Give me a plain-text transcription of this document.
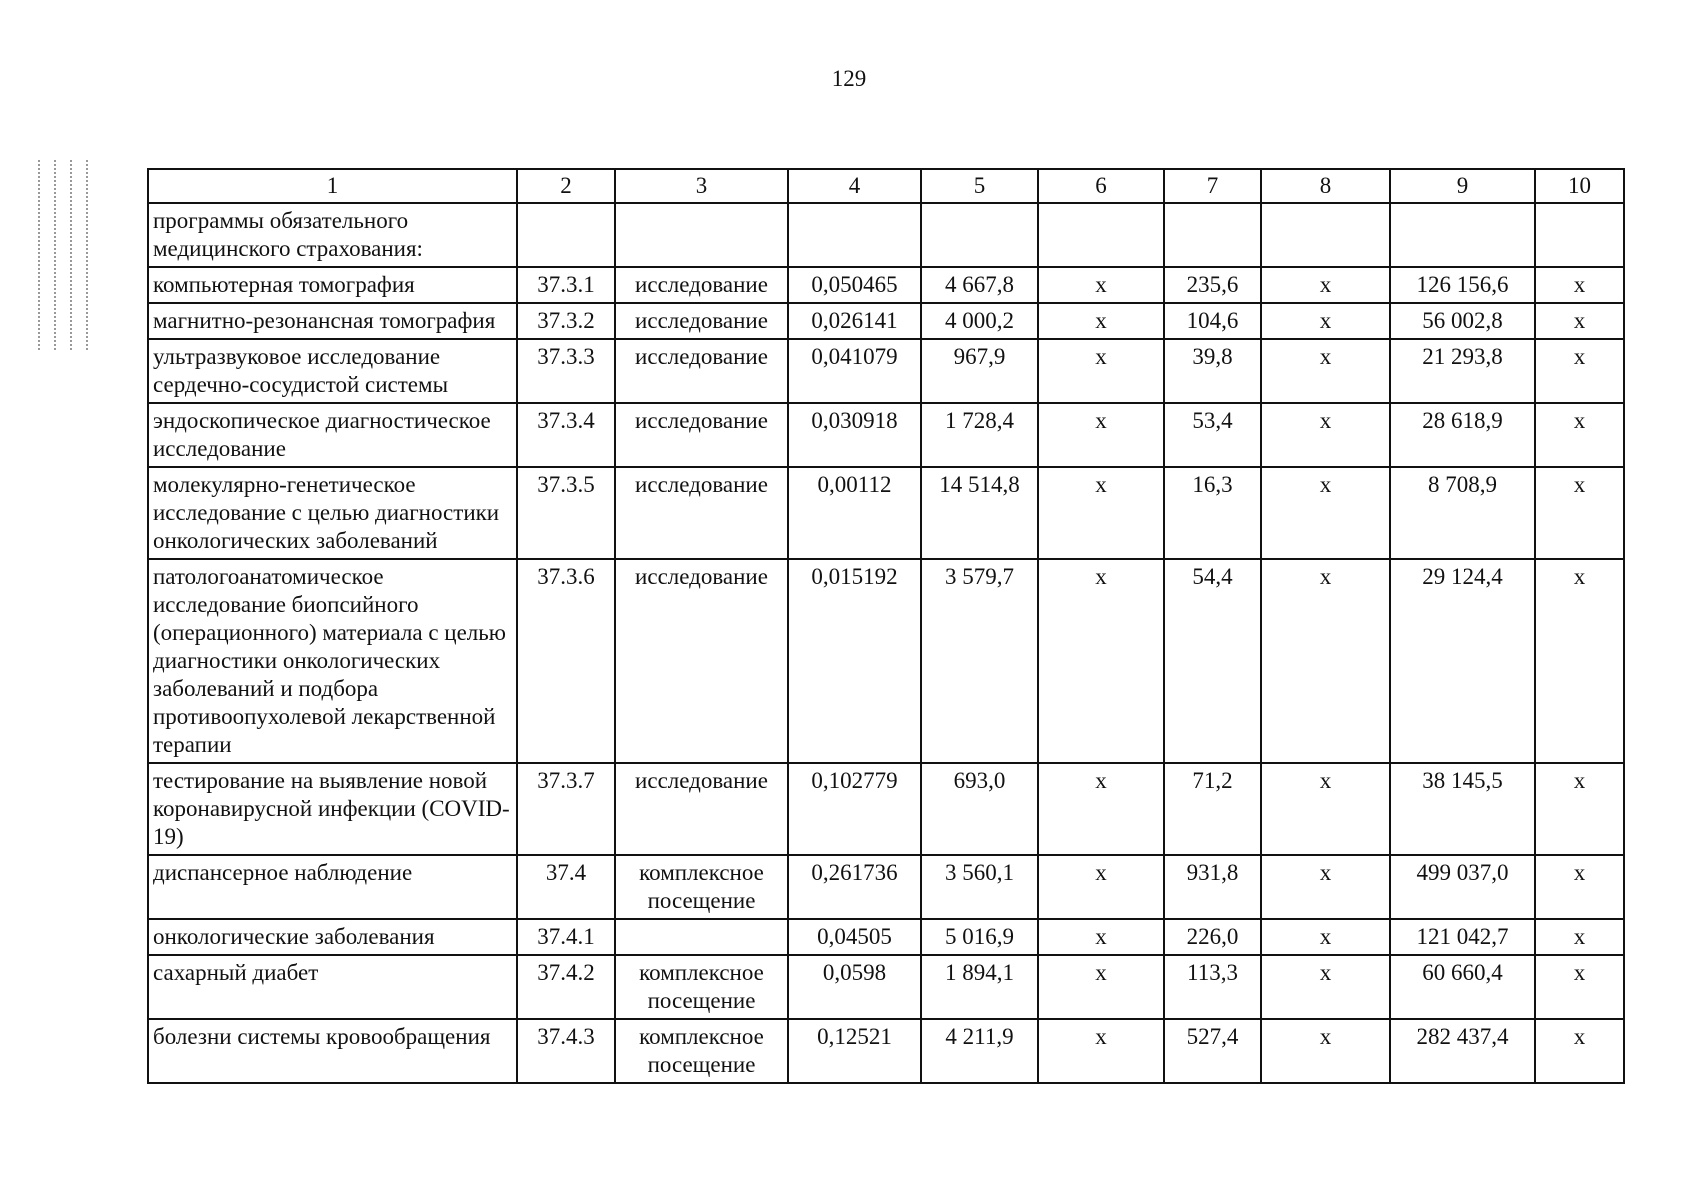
129
1	2	3	4	5	6	7	8	9	10
программы обязательного медицинского страхования:									
компьютерная томография	37.3.1	исследование	0,050465	4 667,8	х	235,6	х	126 156,6	х
магнитно-резонансная томография	37.3.2	исследование	0,026141	4 000,2	х	104,6	х	56 002,8	х
ультразвуковое исследование сердечно-сосудистой системы	37.3.3	исследование	0,041079	967,9	х	39,8	х	21 293,8	х
эндоскопическое диагностическое исследование	37.3.4	исследование	0,030918	1 728,4	х	53,4	х	28 618,9	х
молекулярно-генетическое исследование с целью диагностики онкологических заболеваний	37.3.5	исследование	0,00112	14 514,8	х	16,3	х	8 708,9	х
патологоанатомическое исследование биопсийного (операционного) материала с целью диагностики онкологических заболеваний и подбора противоопухолевой лекарственной терапии	37.3.6	исследование	0,015192	3 579,7	х	54,4	х	29 124,4	х
тестирование на выявление новой коронавирусной инфекции (COVID-19)	37.3.7	исследование	0,102779	693,0	х	71,2	х	38 145,5	х
диспансерное наблюдение	37.4	комплексное посещение	0,261736	3 560,1	х	931,8	х	499 037,0	х
онкологические заболевания	37.4.1		0,04505	5 016,9	х	226,0	х	121 042,7	х
сахарный диабет	37.4.2	комплексное посещение	0,0598	1 894,1	х	113,3	х	60 660,4	х
болезни системы кровообращения	37.4.3	комплексное посещение	0,12521	4 211,9	х	527,4	х	282 437,4	х
